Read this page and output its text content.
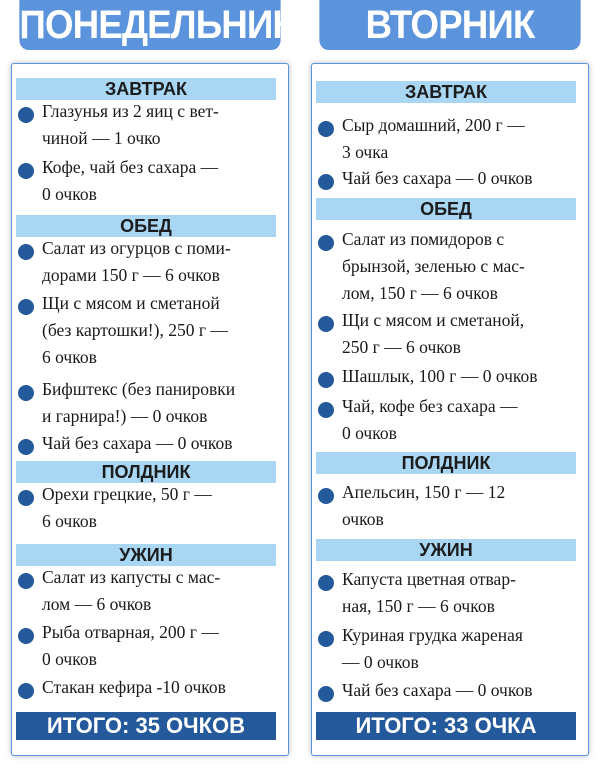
ПОНЕДЕЛЬНИК
ЗАВТРАК
Глазунья из 2 яиц с вет-
чиной — 1 очко
Кофе, чай без сахара —
0 очков
ОБЕД
Салат из огурцов с поми-
дорами 150 г — 6 очков
Щи с мясом и сметаной
(без картошки!), 250 г —
6 очков
Бифштекс (без панировки
и гарнира!) — 0 очков
Чай без сахара — 0 очков
ПОЛДНИК
Орехи грецкие, 50 г —
6 очков
УЖИН
Салат из капусты с мас-
лом — 6 очков
Рыба отварная, 200 г —
0 очков
Стакан кефира -10 очков
ИТОГО: 35 ОЧКОВ
ВТОРНИК
ЗАВТРАК
Сыр домашний, 200 г —
3 очка
Чай без сахара — 0 очков
ОБЕД
Салат из помидоров с
брынзой, зеленью с мас-
лом, 150 г — 6 очков
Щи с мясом и сметаной,
250 г — 6 очков
Шашлык, 100 г — 0 очков
Чай, кофе без сахара —
0 очков
ПОЛДНИК
Апельсин, 150 г — 12
очков
УЖИН
Капуста цветная отвар-
ная, 150 г — 6 очков
Куриная грудка жареная
— 0 очков
Чай без сахара — 0 очков
ИТОГО: 33 ОЧКА
